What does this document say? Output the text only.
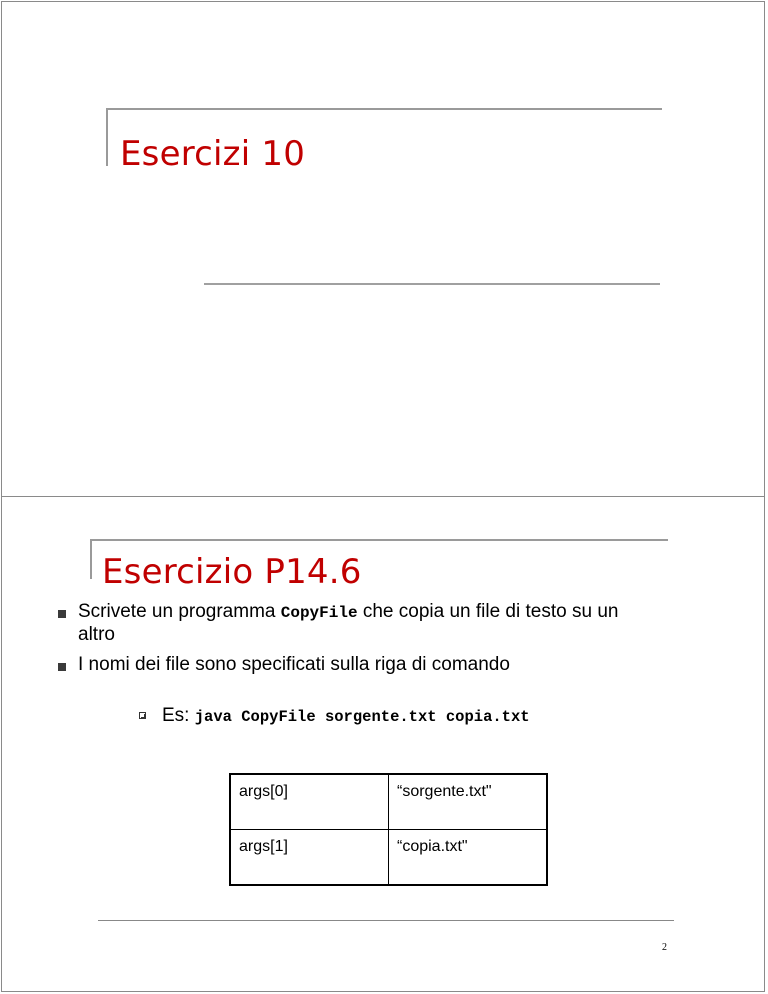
Esercizi 10
Esercizio P14.6
Scrivete un programma CopyFile che copia un file di testo su un altro
I nomi dei file sono specificati sulla riga di comando
Es: java CopyFile sorgente.txt copia.txt
args[0]	“sorgente.txt"
args[1]	“copia.txt"
2
